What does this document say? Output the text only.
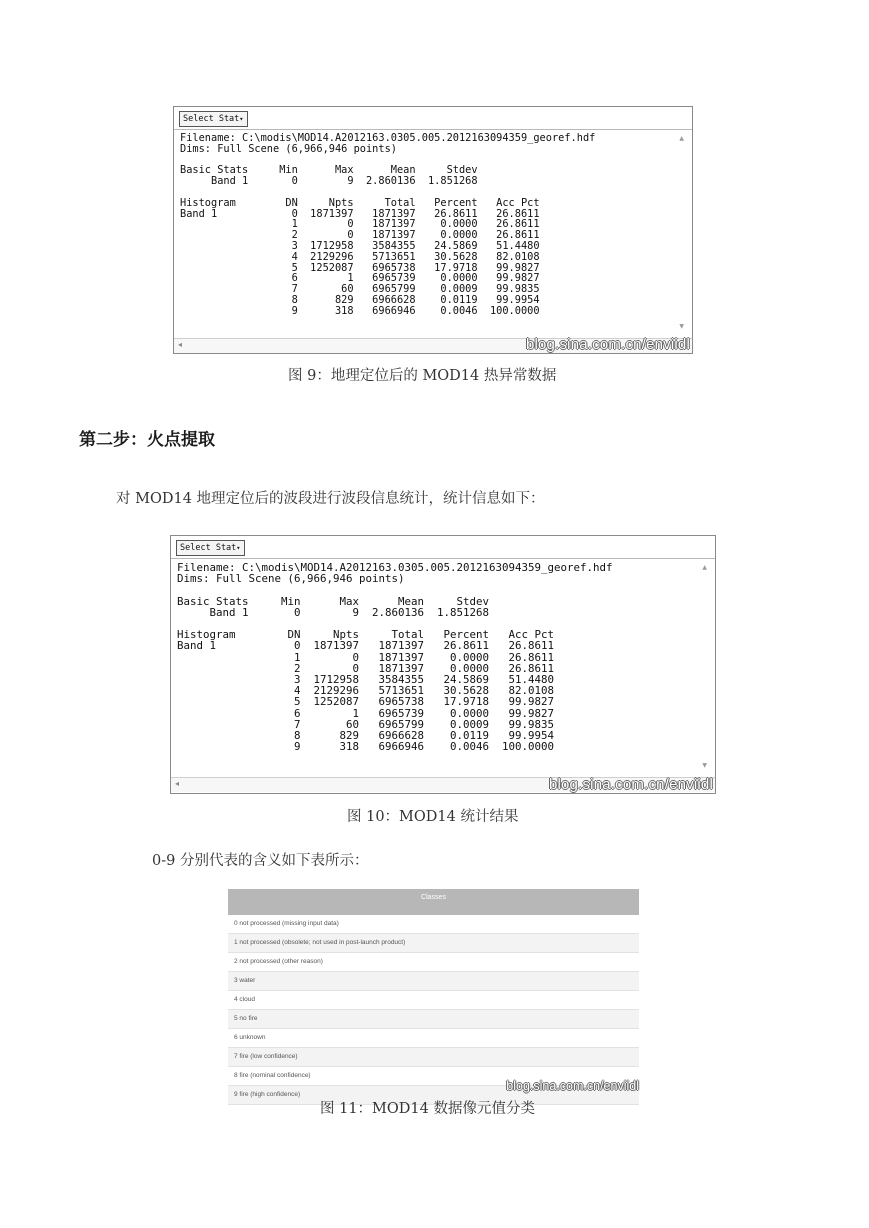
Select Stat▾
Filename: C:\modis\MOD14.A2012163.0305.005.2012163094359_georef.hdf
Dims: Full Scene (6,966,946 points)

Basic Stats     Min      Max      Mean     Stdev
Band 1       0        9  2.860136  1.851268

Histogram        DN     Npts     Total   Percent   Acc Pct
Band 1            0  1871397   1871397   26.8611   26.8611
1        0   1871397    0.0000   26.8611
2        0   1871397    0.0000   26.8611
3  1712958   3584355   24.5869   51.4480
4  2129296   5713651   30.5628   82.0108
5  1252087   6965738   17.9718   99.9827
6        1   6965739    0.0000   99.9827
7       60   6965799    0.0009   99.9835
8      829   6966628    0.0119   99.9954
9      318   6966946    0.0046  100.0000

▲
▼
◂	blog.sina.com.cn/enviidl
图 9：地理定位后的 MOD14 热异常数据
第二步：火点提取
对 MOD14 地理定位后的波段进行波段信息统计，统计信息如下：
Select Stat▾
Filename: C:\modis\MOD14.A2012163.0305.005.2012163094359_georef.hdf
Dims: Full Scene (6,966,946 points)

Basic Stats     Min      Max      Mean     Stdev
Band 1       0        9  2.860136  1.851268

Histogram        DN     Npts     Total   Percent   Acc Pct
Band 1            0  1871397   1871397   26.8611   26.8611
1        0   1871397    0.0000   26.8611
2        0   1871397    0.0000   26.8611
3  1712958   3584355   24.5869   51.4480
4  2129296   5713651   30.5628   82.0108
5  1252087   6965738   17.9718   99.9827
6        1   6965739    0.0000   99.9827
7       60   6965799    0.0009   99.9835
8      829   6966628    0.0119   99.9954
9      318   6966946    0.0046  100.0000

▲
▼
◂	blog.sina.com.cn/enviidl
图 10：MOD14 统计结果
0-9 分别代表的含义如下表所示：
Classes
0 not processed (missing input data)
1 not processed (obsolete; not used in post-launch product)
2 not processed (other reason)
3 water
4 cloud
5 no fire
6 unknown
7 fire (low confidence)
8 fire (nominal confidence)
9 fire (high confidence)
blog.sina.com.cn/enviidl
图 11：MOD14 数据像元值分类
